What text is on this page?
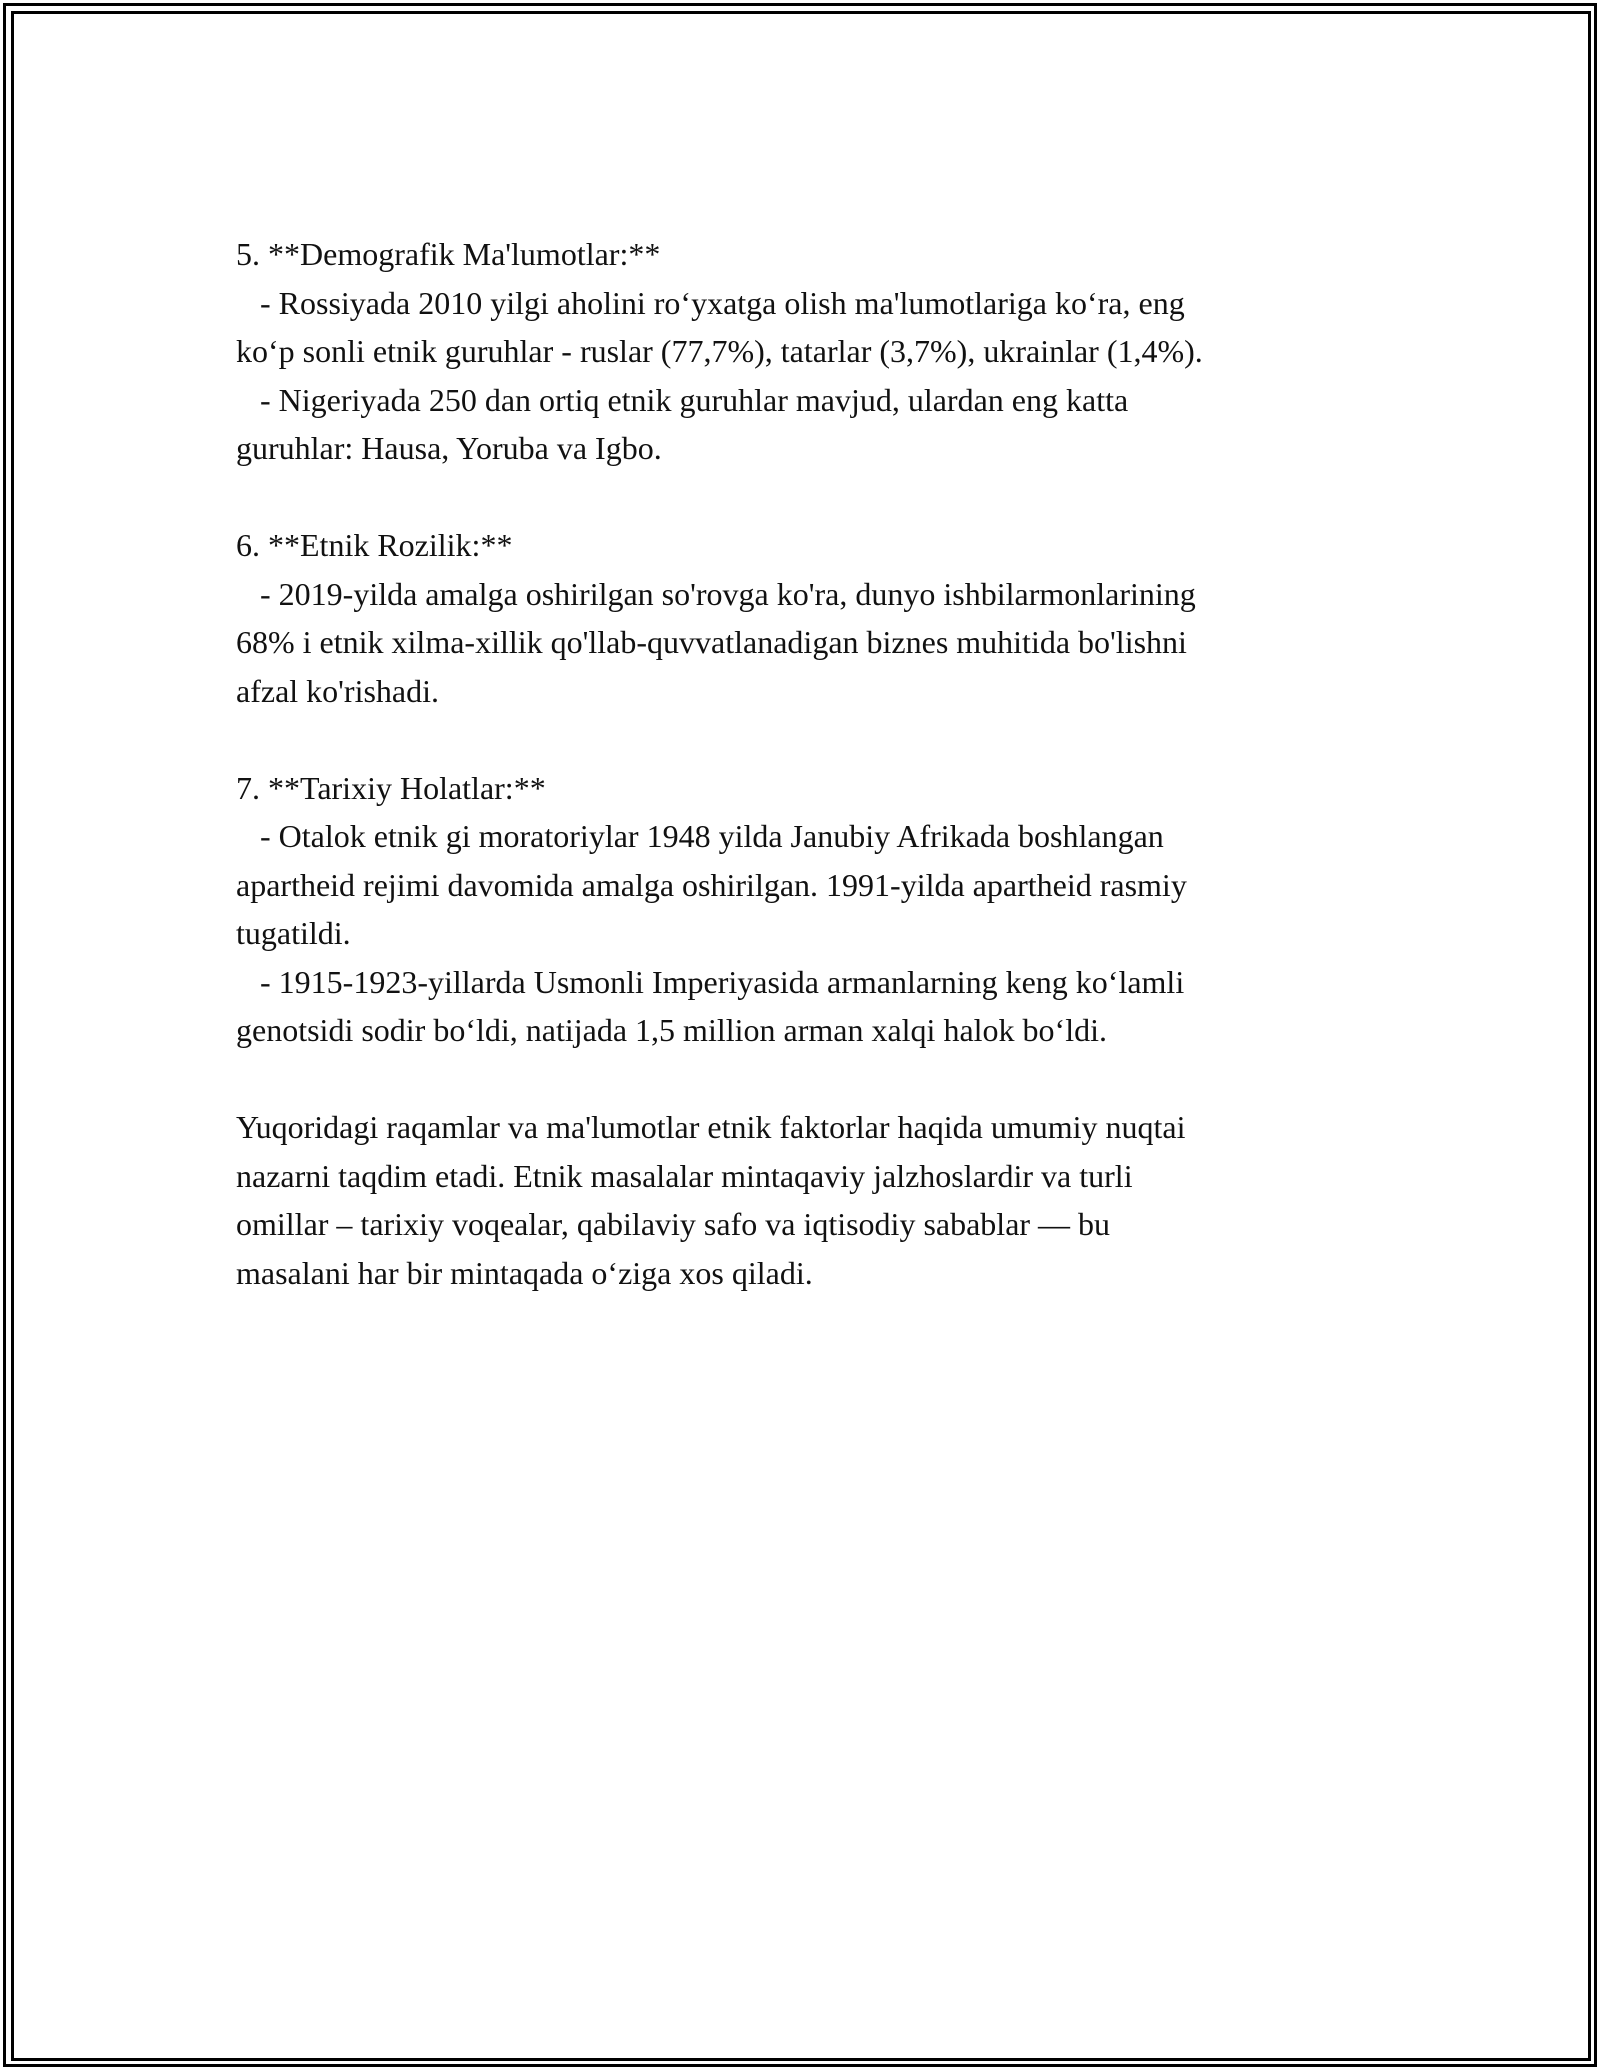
5. **Demografik Ma'lumotlar:**
- Rossiyada 2010 yilgi aholini roʻyxatga olish ma'lumotlariga koʻra, eng
koʻp sonli etnik guruhlar - ruslar (77,7%), tatarlar (3,7%), ukrainlar (1,4%).
- Nigeriyada 250 dan ortiq etnik guruhlar mavjud, ulardan eng katta
guruhlar: Hausa, Yoruba va Igbo.
6. **Etnik Rozilik:**
- 2019-yilda amalga oshirilgan so'rovga ko'ra, dunyo ishbilarmonlarining
68% i etnik xilma-xillik qo'llab-quvvatlanadigan biznes muhitida bo'lishni
afzal ko'rishadi.
7. **Tarixiy Holatlar:**
- Otalok etnik gi moratoriylar 1948 yilda Janubiy Afrikada boshlangan
apartheid rejimi davomida amalga oshirilgan. 1991-yilda apartheid rasmiy
tugatildi.
- 1915-1923-yillarda Usmonli Imperiyasida armanlarning keng koʻlamli
genotsidi sodir boʻldi, natijada 1,5 million arman xalqi halok boʻldi.
Yuqoridagi raqamlar va ma'lumotlar etnik faktorlar haqida umumiy nuqtai
nazarni taqdim etadi. Etnik masalalar mintaqaviy jalzhoslardir va turli
omillar – tarixiy voqealar, qabilaviy safo va iqtisodiy sabablar — bu
masalani har bir mintaqada oʻziga xos qiladi.
